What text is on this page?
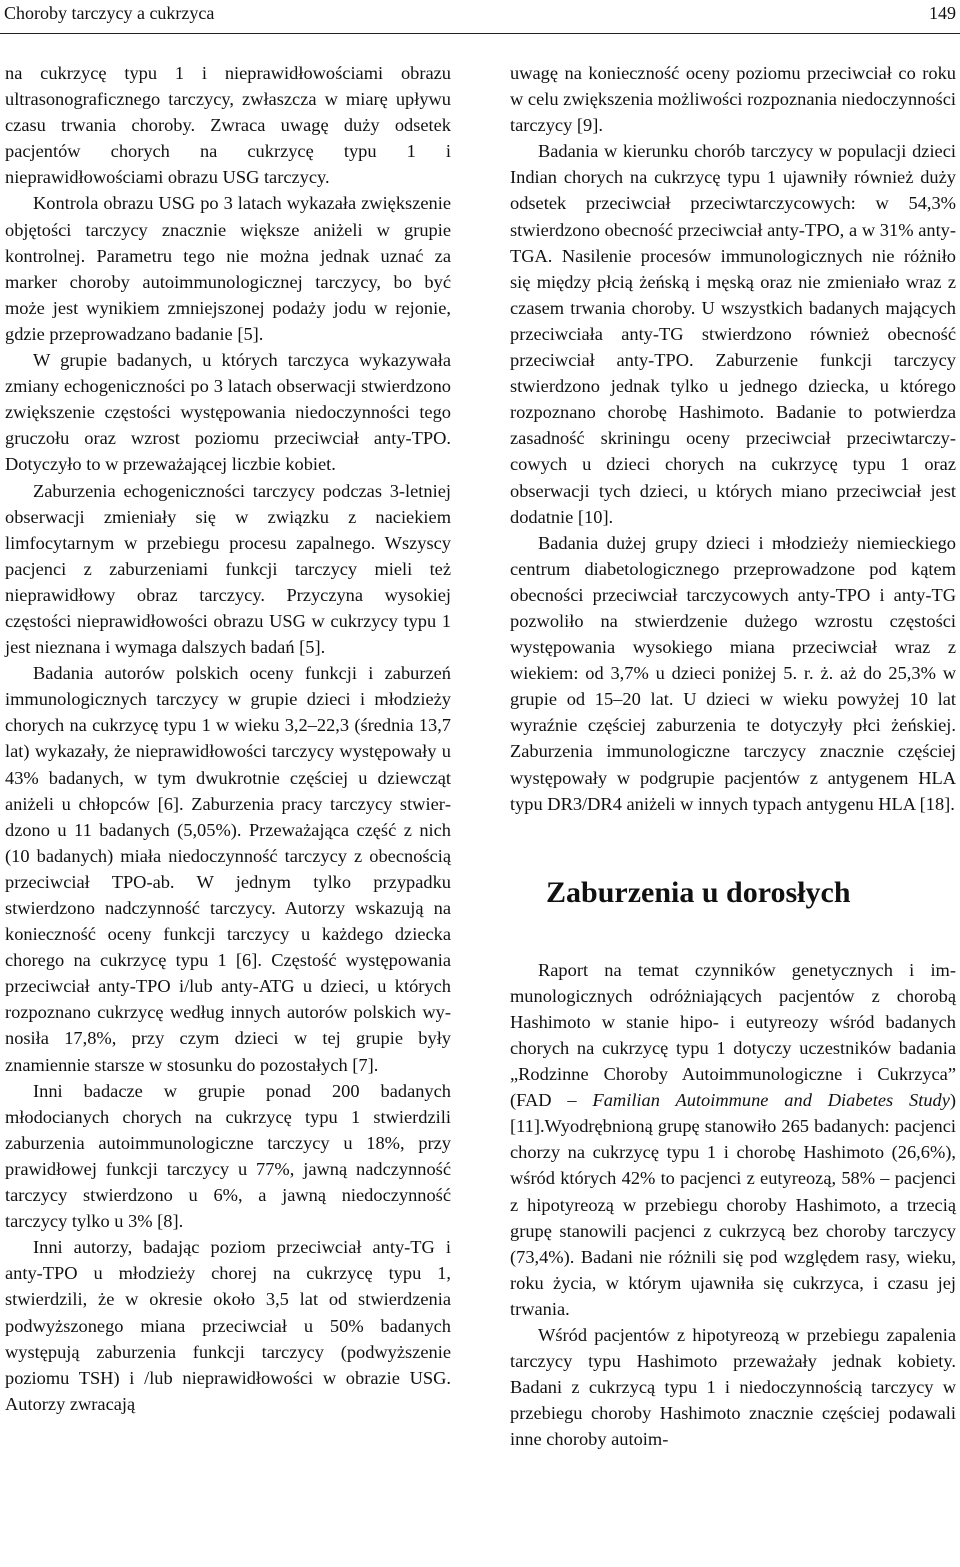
Choroby tarczycy a cukrzyca	149

na cukrzycę typu 1 i nieprawidłowościami obrazu ultrasonograficznego tarczycy, zwłaszcza w miarę upływu czasu trwania choroby. Zwraca uwagę duży odsetek pacjentów chorych na cukrzycę typu 1 i nieprawidłowościami obrazu USG tarczycy.

Kontrola obrazu USG po 3 latach wykazała zwiększenie objętości tarczycy znacznie większe aniżeli w grupie kontrolnej. Parametru tego nie można jednak uznać za marker choroby autoimmunologicznej tarczycy, bo być może jest wynikiem zmniejszonej podaży jodu w rejonie, gdzie przeprowadzano badanie [5].

W grupie badanych, u których tarczyca wykazywała zmiany echogeniczności po 3 latach obserwacji stwierdzono zwiększenie częstości występowania niedoczynności tego gruczołu oraz wzrost poziomu przeciwciał anty-TPO. Dotyczyło to w przeważającej liczbie kobiet.

Zaburzenia echogeniczności tarczycy podczas 3-letniej obserwacji zmieniały się w związku z naciekiem limfocytarnym w przebiegu procesu zapalnego. Wszyscy pacjenci z zaburzeniami funkcji tarczycy mieli też nieprawidłowy obraz tarczycy. Przyczyna wysokiej częstości nieprawidłowości obrazu USG w cukrzycy typu 1 jest nieznana i wymaga dalszych badań [5].

Badania autorów polskich oceny funkcji i zaburzeń immunologicznych tarczycy w grupie dzieci i młodzieży chorych na cukrzycę typu 1 w wieku 3,2–22,3 (średnia 13,7 lat) wykazały, że nieprawidłowości tarczycy występowały u 43% badanych, w tym dwukrotnie częściej u dziewcząt aniżeli u chłopców [6]. Zaburzenia pracy tarczycy stwierdzono u 11 badanych (5,05%). Przeważająca część z nich (10 badanych) miała niedoczynność tarczycy z obecnością przeciwciał TPO-ab. W jednym tylko przypadku stwierdzono nadczynność tarczycy. Autorzy wskazują na konieczność oceny funkcji tarczycy u każdego dziecka chorego na cukrzycę typu 1 [6]. Częstość występowania przeciwciał anty-TPO i/lub anty-ATG u dzieci, u których rozpoznano cukrzycę według innych autorów polskich wynosiła 17,8%, przy czym dzieci w tej grupie były znamiennie starsze w stosunku do pozostałych [7].

Inni badacze w grupie ponad 200 badanych młodocianych chorych na cukrzycę typu 1 stwierdzili zaburzenia autoimmunologiczne tarczycy u 18%, przy prawidłowej funkcji tarczycy u 77%, jawną nadczynność tarczycy stwierdzono u 6%, a jawną niedoczynność tarczycy tylko u 3% [8].

Inni autorzy, badając poziom przeciwciał anty-TG i anty-TPO u młodzieży chorej na cukrzycę typu 1, stwierdzili, że w okresie około 3,5 lat od stwierdzenia podwyższonego miana przeciwciał u 50% badanych występują zaburzenia funkcji tarczycy (podwyższenie poziomu TSH) i /lub nieprawidłowości w obrazie USG. Autorzy zwracają

uwagę na konieczność oceny poziomu przeciwciał co roku w celu zwiększenia możliwości rozpoznania niedoczynności tarczycy [9].

Badania w kierunku chorób tarczycy w populacji dzieci Indian chorych na cukrzycę typu 1 ujawniły również duży odsetek przeciwciał przeciwtarczycowych: w 54,3% stwierdzono obecność przeciwciał anty-TPO, a w 31% anty-TGA. Nasilenie procesów immunologicznych nie różniło się między płcią żeńską i męską oraz nie zmieniało wraz z czasem trwania choroby. U wszystkich badanych mających przeciwciała anty-TG stwierdzono również obecność przeciwciał anty-TPO. Zaburzenie funkcji tarczycy stwierdzono jednak tylko u jednego dziecka, u którego rozpoznano chorobę Hashimoto. Badanie to potwierdza zasadność skriningu oceny przeciwciał przeciwtarczycowych u dzieci chorych na cukrzycę typu 1 oraz obserwacji tych dzieci, u których miano przeciwciał jest dodatnie [10].

Badania dużej grupy dzieci i młodzieży niemieckiego centrum diabetologicznego przeprowadzone pod kątem obecności przeciwciał tarczycowych anty-TPO i anty-TG pozwoliło na stwierdzenie dużego wzrostu częstości występowania wysokiego miana przeciwciał wraz z wiekiem: od 3,7% u dzieci poniżej 5. r. ż. aż do 25,3% w grupie od 15–20 lat. U dzieci w wieku powyżej 10 lat wyraźnie częściej zaburzenia te dotyczyły płci żeńskiej. Zaburzenia immunologiczne tarczycy znacznie częściej występowały w podgrupie pacjentów z antygenem HLA typu DR3/DR4 aniżeli w innych typach antygenu HLA [18].

Zaburzenia u dorosłych

Raport na temat czynników genetycznych i immunologicznych odróżniających pacjentów z chorobą Hashimoto w stanie hipo- i eutyreozy wśród badanych chorych na cukrzycę typu 1 dotyczy uczestników badania „Rodzinne Choroby Autoimmunologiczne i Cukrzyca” (FAD – Familian Autoimmune and Diabetes Study) [11].Wyodrębnioną grupę stanowiło 265 badanych: pacjenci chorzy na cukrzycę typu 1 i chorobę Hashimoto (26,6%), wśród których 42% to pacjenci z eutyreozą, 58% – pacjenci z hipotyreozą w przebiegu choroby Hashimoto, a trzecią grupę stanowili pacjenci z cukrzycą bez choroby tarczycy (73,4%). Badani nie różnili się pod względem rasy, wieku, roku życia, w którym ujawniła się cukrzyca, i czasu jej trwania.

Wśród pacjentów z hipotyreozą w przebiegu zapalenia tarczycy typu Hashimoto przeważały jednak kobiety. Badani z cukrzycą typu 1 i niedoczynnością tarczycy w przebiegu choroby Hashimoto znacznie częściej podawali inne choroby autoim-
